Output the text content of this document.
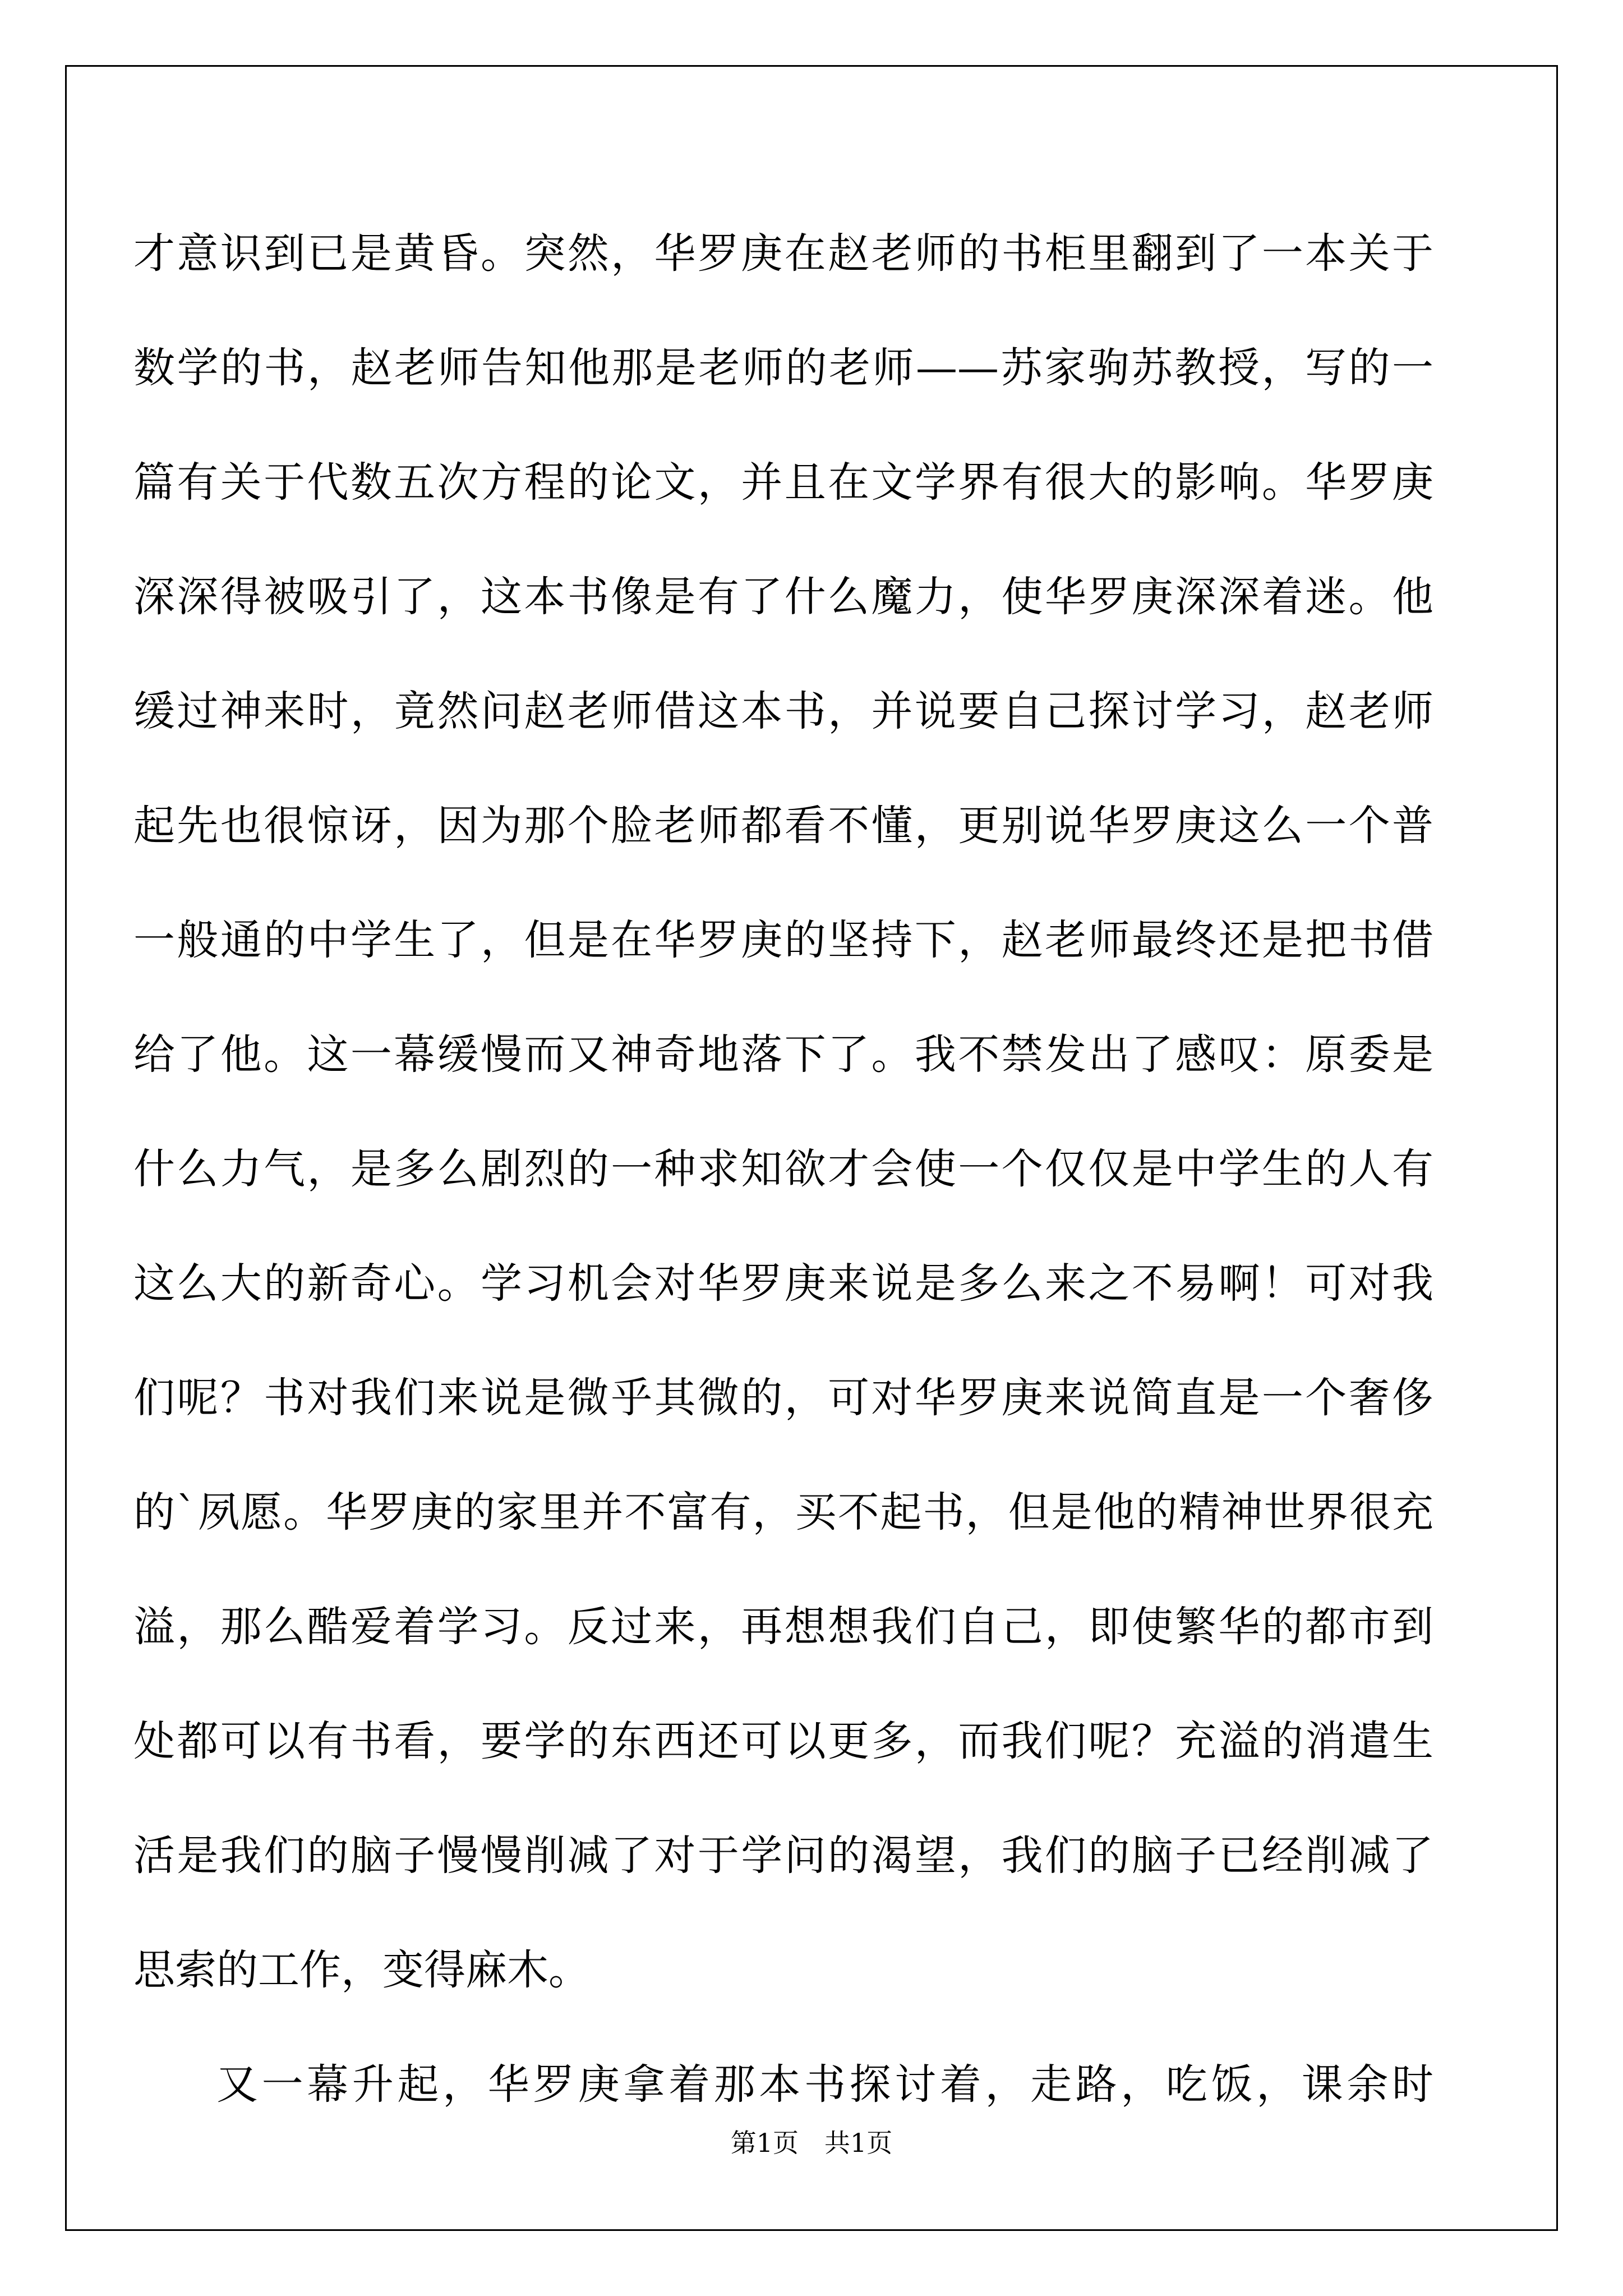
才意识到已是黄昏。突然，华罗庚在赵老师的书柜里翻到了一本关于
数学的书，赵老师告知他那是老师的老师——苏家驹苏教授，写的一
篇有关于代数五次方程的论文，并且在文学界有很大的影响。华罗庚
深深得被吸引了，这本书像是有了什么魔力，使华罗庚深深着迷。他
缓过神来时，竟然问赵老师借这本书，并说要自己探讨学习，赵老师
起先也很惊讶，因为那个脸老师都看不懂，更别说华罗庚这么一个普
一般通的中学生了，但是在华罗庚的坚持下，赵老师最终还是把书借
给了他。这一幕缓慢而又神奇地落下了。我不禁发出了感叹：原委是
什么力气，是多么剧烈的一种求知欲才会使一个仅仅是中学生的人有
这么大的新奇心。学习机会对华罗庚来说是多么来之不易啊！可对我
们呢？书对我们来说是微乎其微的，可对华罗庚来说简直是一个奢侈
的`夙愿。华罗庚的家里并不富有，买不起书，但是他的精神世界很充
溢，那么酷爱着学习。反过来，再想想我们自己，即使繁华的都市到
处都可以有书看，要学的东西还可以更多，而我们呢？充溢的消遣生
活是我们的脑子慢慢削减了对于学问的渴望，我们的脑子已经削减了
思索的工作，变得麻木。
又一幕升起，华罗庚拿着那本书探讨着，走路，吃饭，课余时
第1页　共1页
